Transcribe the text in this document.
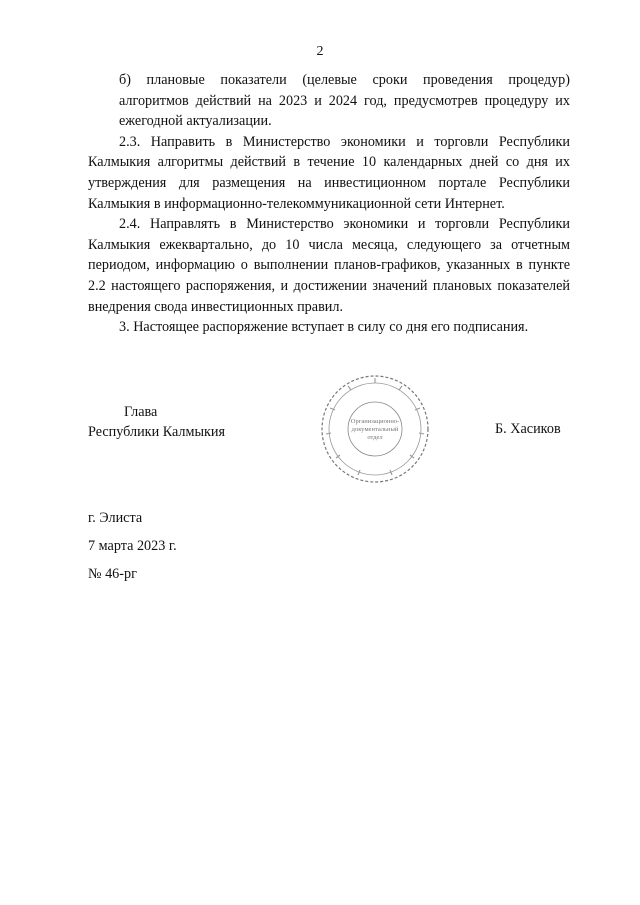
2

б) плановые показатели (целевые сроки проведения процедур) алгоритмов действий на 2023 и 2024 год, предусмотрев процедуру их ежегодной актуализации.

2.3. Направить в Министерство экономики и торговли Республики Калмыкия алгоритмы действий в течение 10 календарных дней со дня их утверждения для размещения на инвестиционном портале Республики Калмыкия в информационно-телекоммуникационной сети Интернет.

2.4. Направлять в Министерство экономики и торговли Республики Калмыкия ежеквартально, до 10 числа месяца, следующего за отчетным периодом, информацию о выполнении планов-графиков, указанных в пункте 2.2 настоящего распоряжения, и достижении значений плановых показателей внедрения свода инвестиционных правил.

3. Настоящее распоряжение вступает в силу со дня его подписания.

Глава
Республики Калмыкия
Организационно-
документальный
отдел
Б. Хасиков
г. Элиста
7 марта 2023 г.
№ 46-рг
